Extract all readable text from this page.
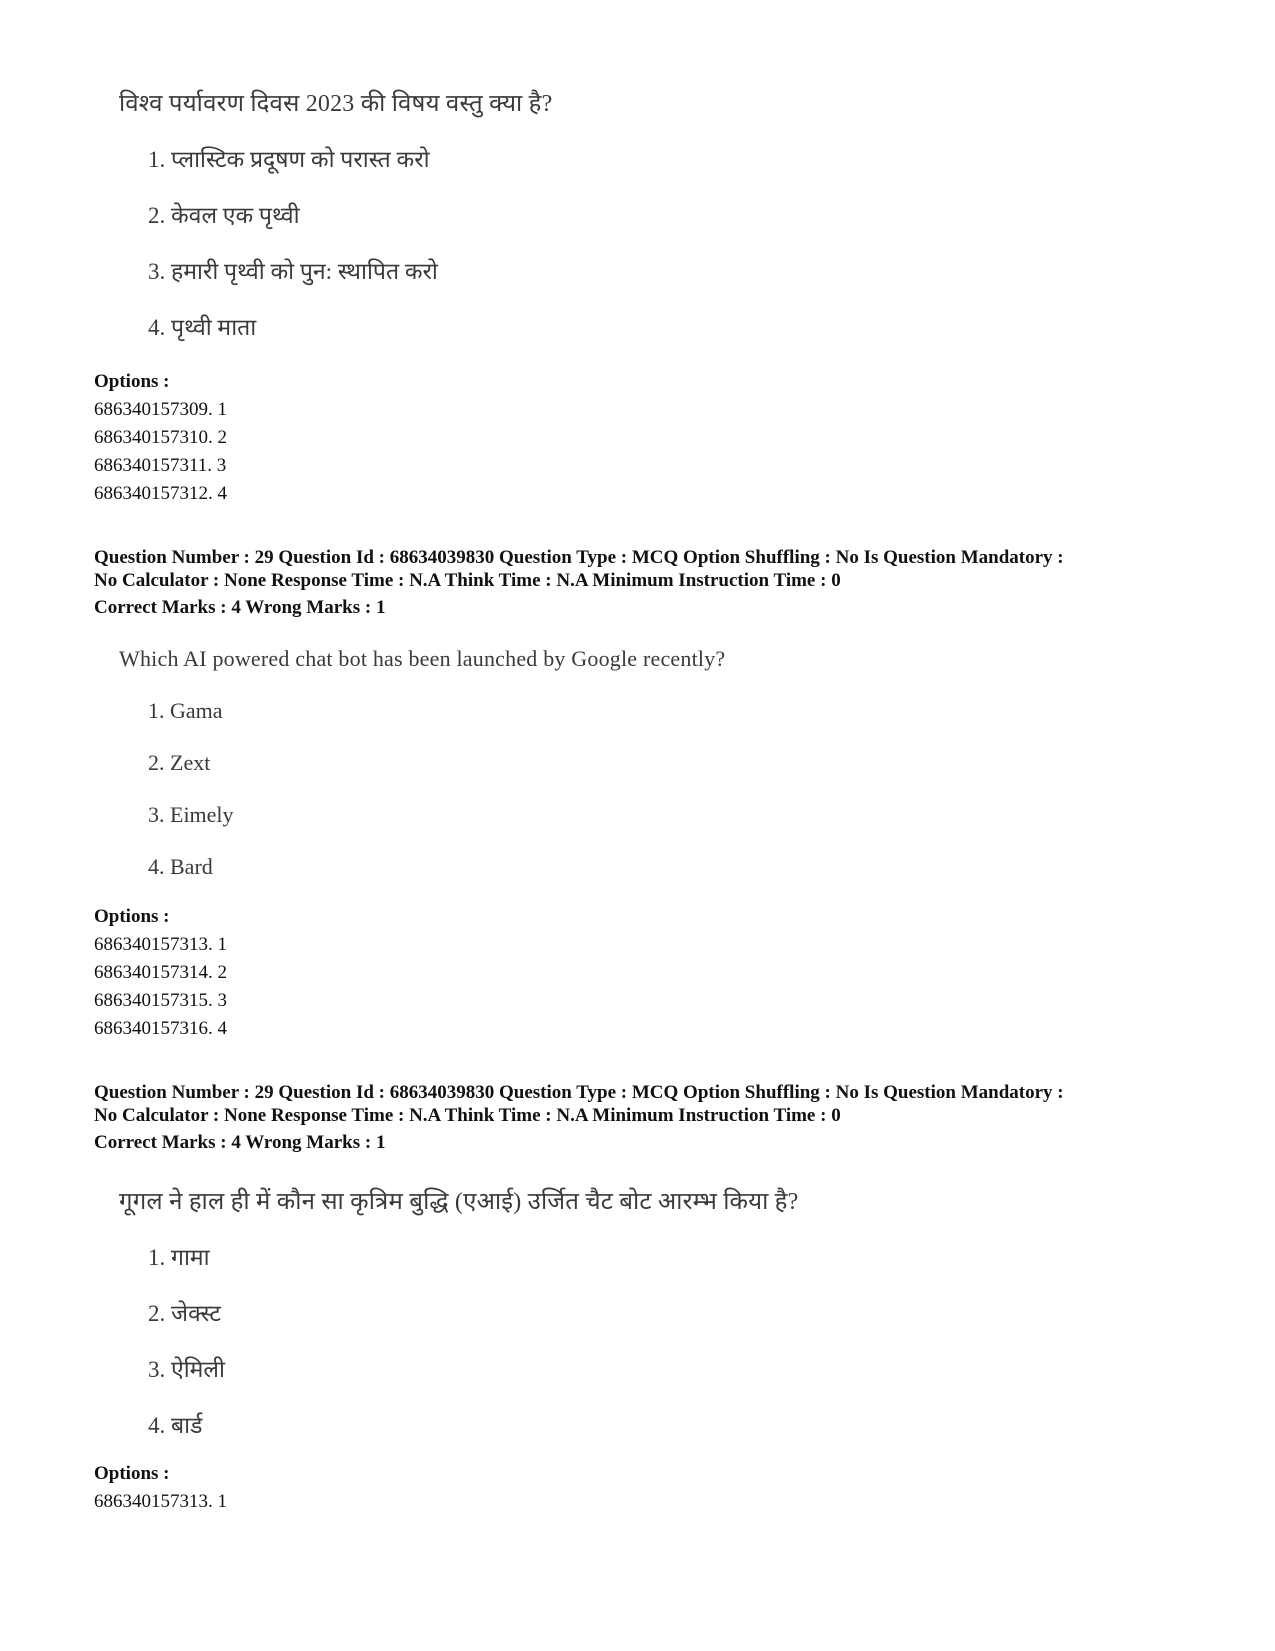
विश्व पर्यावरण दिवस 2023 की विषय वस्तु क्या है?
1. प्लास्टिक प्रदूषण को परास्त करो
2. केवल एक पृथ्वी
3. हमारी पृथ्वी को पुन: स्थापित करो
4. पृथ्वी माता
Options :
686340157309. 1
686340157310. 2
686340157311. 3
686340157312. 4
Question Number : 29 Question Id : 68634039830 Question Type : MCQ Option Shuffling : No Is Question Mandatory :
No Calculator : None Response Time : N.A Think Time : N.A Minimum Instruction Time : 0
Correct Marks : 4 Wrong Marks : 1
Which AI powered chat bot has been launched by Google recently?
1. Gama
2. Zext
3. Eimely
4. Bard
Options :
686340157313. 1
686340157314. 2
686340157315. 3
686340157316. 4
Question Number : 29 Question Id : 68634039830 Question Type : MCQ Option Shuffling : No Is Question Mandatory :
No Calculator : None Response Time : N.A Think Time : N.A Minimum Instruction Time : 0
Correct Marks : 4 Wrong Marks : 1
गूगल ने हाल ही में कौन सा कृत्रिम बुद्धि (एआई) उर्जित चैट बोट आरम्भ किया है?
1. गामा
2. जेक्स्ट
3. ऐमिली
4. बार्ड
Options :
686340157313. 1
